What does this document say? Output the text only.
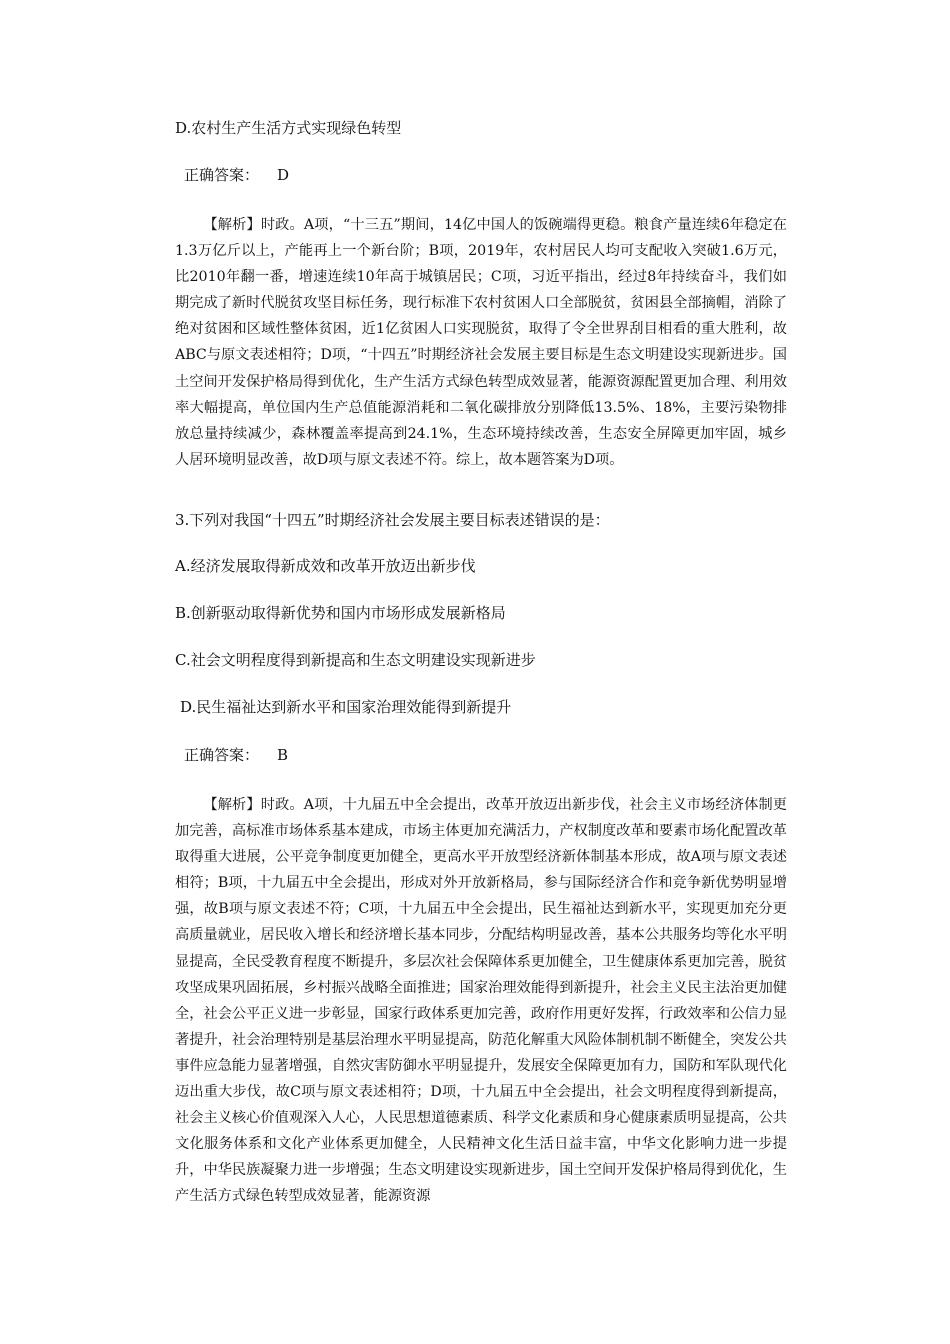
D.农村生产生活方式实现绿色转型

正确答案： D

【解析】时政。A项，“十三五”期间，14亿中国人的饭碗端得更稳。粮食产量连续6年稳定在1.3万亿斤以上，产能再上一个新台阶；B项，2019年，农村居民人均可支配收入突破1.6万元，比2010年翻一番，增速连续10年高于城镇居民；C项，习近平指出，经过8年持续奋斗，我们如期完成了新时代脱贫攻坚目标任务，现行标准下农村贫困人口全部脱贫，贫困县全部摘帽，消除了绝对贫困和区域性整体贫困，近1亿贫困人口实现脱贫，取得了令全世界刮目相看的重大胜利，故ABC与原文表述相符；D项，“十四五”时期经济社会发展主要目标是生态文明建设实现新进步。国土空间开发保护格局得到优化，生产生活方式绿色转型成效显著，能源资源配置更加合理、利用效率大幅提高，单位国内生产总值能源消耗和二氧化碳排放分别降低13.5%、18%，主要污染物排放总量持续减少，森林覆盖率提高到24.1%，生态环境持续改善，生态安全屏障更加牢固，城乡人居环境明显改善，故D项与原文表述不符。综上，故本题答案为D项。

3.下列对我国“十四五”时期经济社会发展主要目标表述错误的是：

A.经济发展取得新成效和改革开放迈出新步伐

B.创新驱动取得新优势和国内市场形成发展新格局

C.社会文明程度得到新提高和生态文明建设实现新进步

D.民生福祉达到新水平和国家治理效能得到新提升

正确答案： B

【解析】时政。A项，十九届五中全会提出，改革开放迈出新步伐，社会主义市场经济体制更加完善，高标准市场体系基本建成，市场主体更加充满活力，产权制度改革和要素市场化配置改革取得重大进展，公平竞争制度更加健全，更高水平开放型经济新体制基本形成，故A项与原文表述相符；B项，十九届五中全会提出，形成对外开放新格局，参与国际经济合作和竞争新优势明显增强，故B项与原文表述不符；C项，十九届五中全会提出，民生福祉达到新水平，实现更加充分更高质量就业，居民收入增长和经济增长基本同步，分配结构明显改善，基本公共服务均等化水平明显提高，全民受教育程度不断提升，多层次社会保障体系更加健全，卫生健康体系更加完善，脱贫攻坚成果巩固拓展，乡村振兴战略全面推进；国家治理效能得到新提升，社会主义民主法治更加健全，社会公平正义进一步彰显，国家行政体系更加完善，政府作用更好发挥，行政效率和公信力显著提升，社会治理特别是基层治理水平明显提高，防范化解重大风险体制机制不断健全，突发公共事件应急能力显著增强，自然灾害防御水平明显提升，发展安全保障更加有力，国防和军队现代化迈出重大步伐，故C项与原文表述相符；D项，十九届五中全会提出，社会文明程度得到新提高，社会主义核心价值观深入人心，人民思想道德素质、科学文化素质和身心健康素质明显提高，公共文化服务体系和文化产业体系更加健全，人民精神文化生活日益丰富，中华文化影响力进一步提升，中华民族凝聚力进一步增强；生态文明建设实现新进步，国土空间开发保护格局得到优化，生产生活方式绿色转型成效显著，能源资源
